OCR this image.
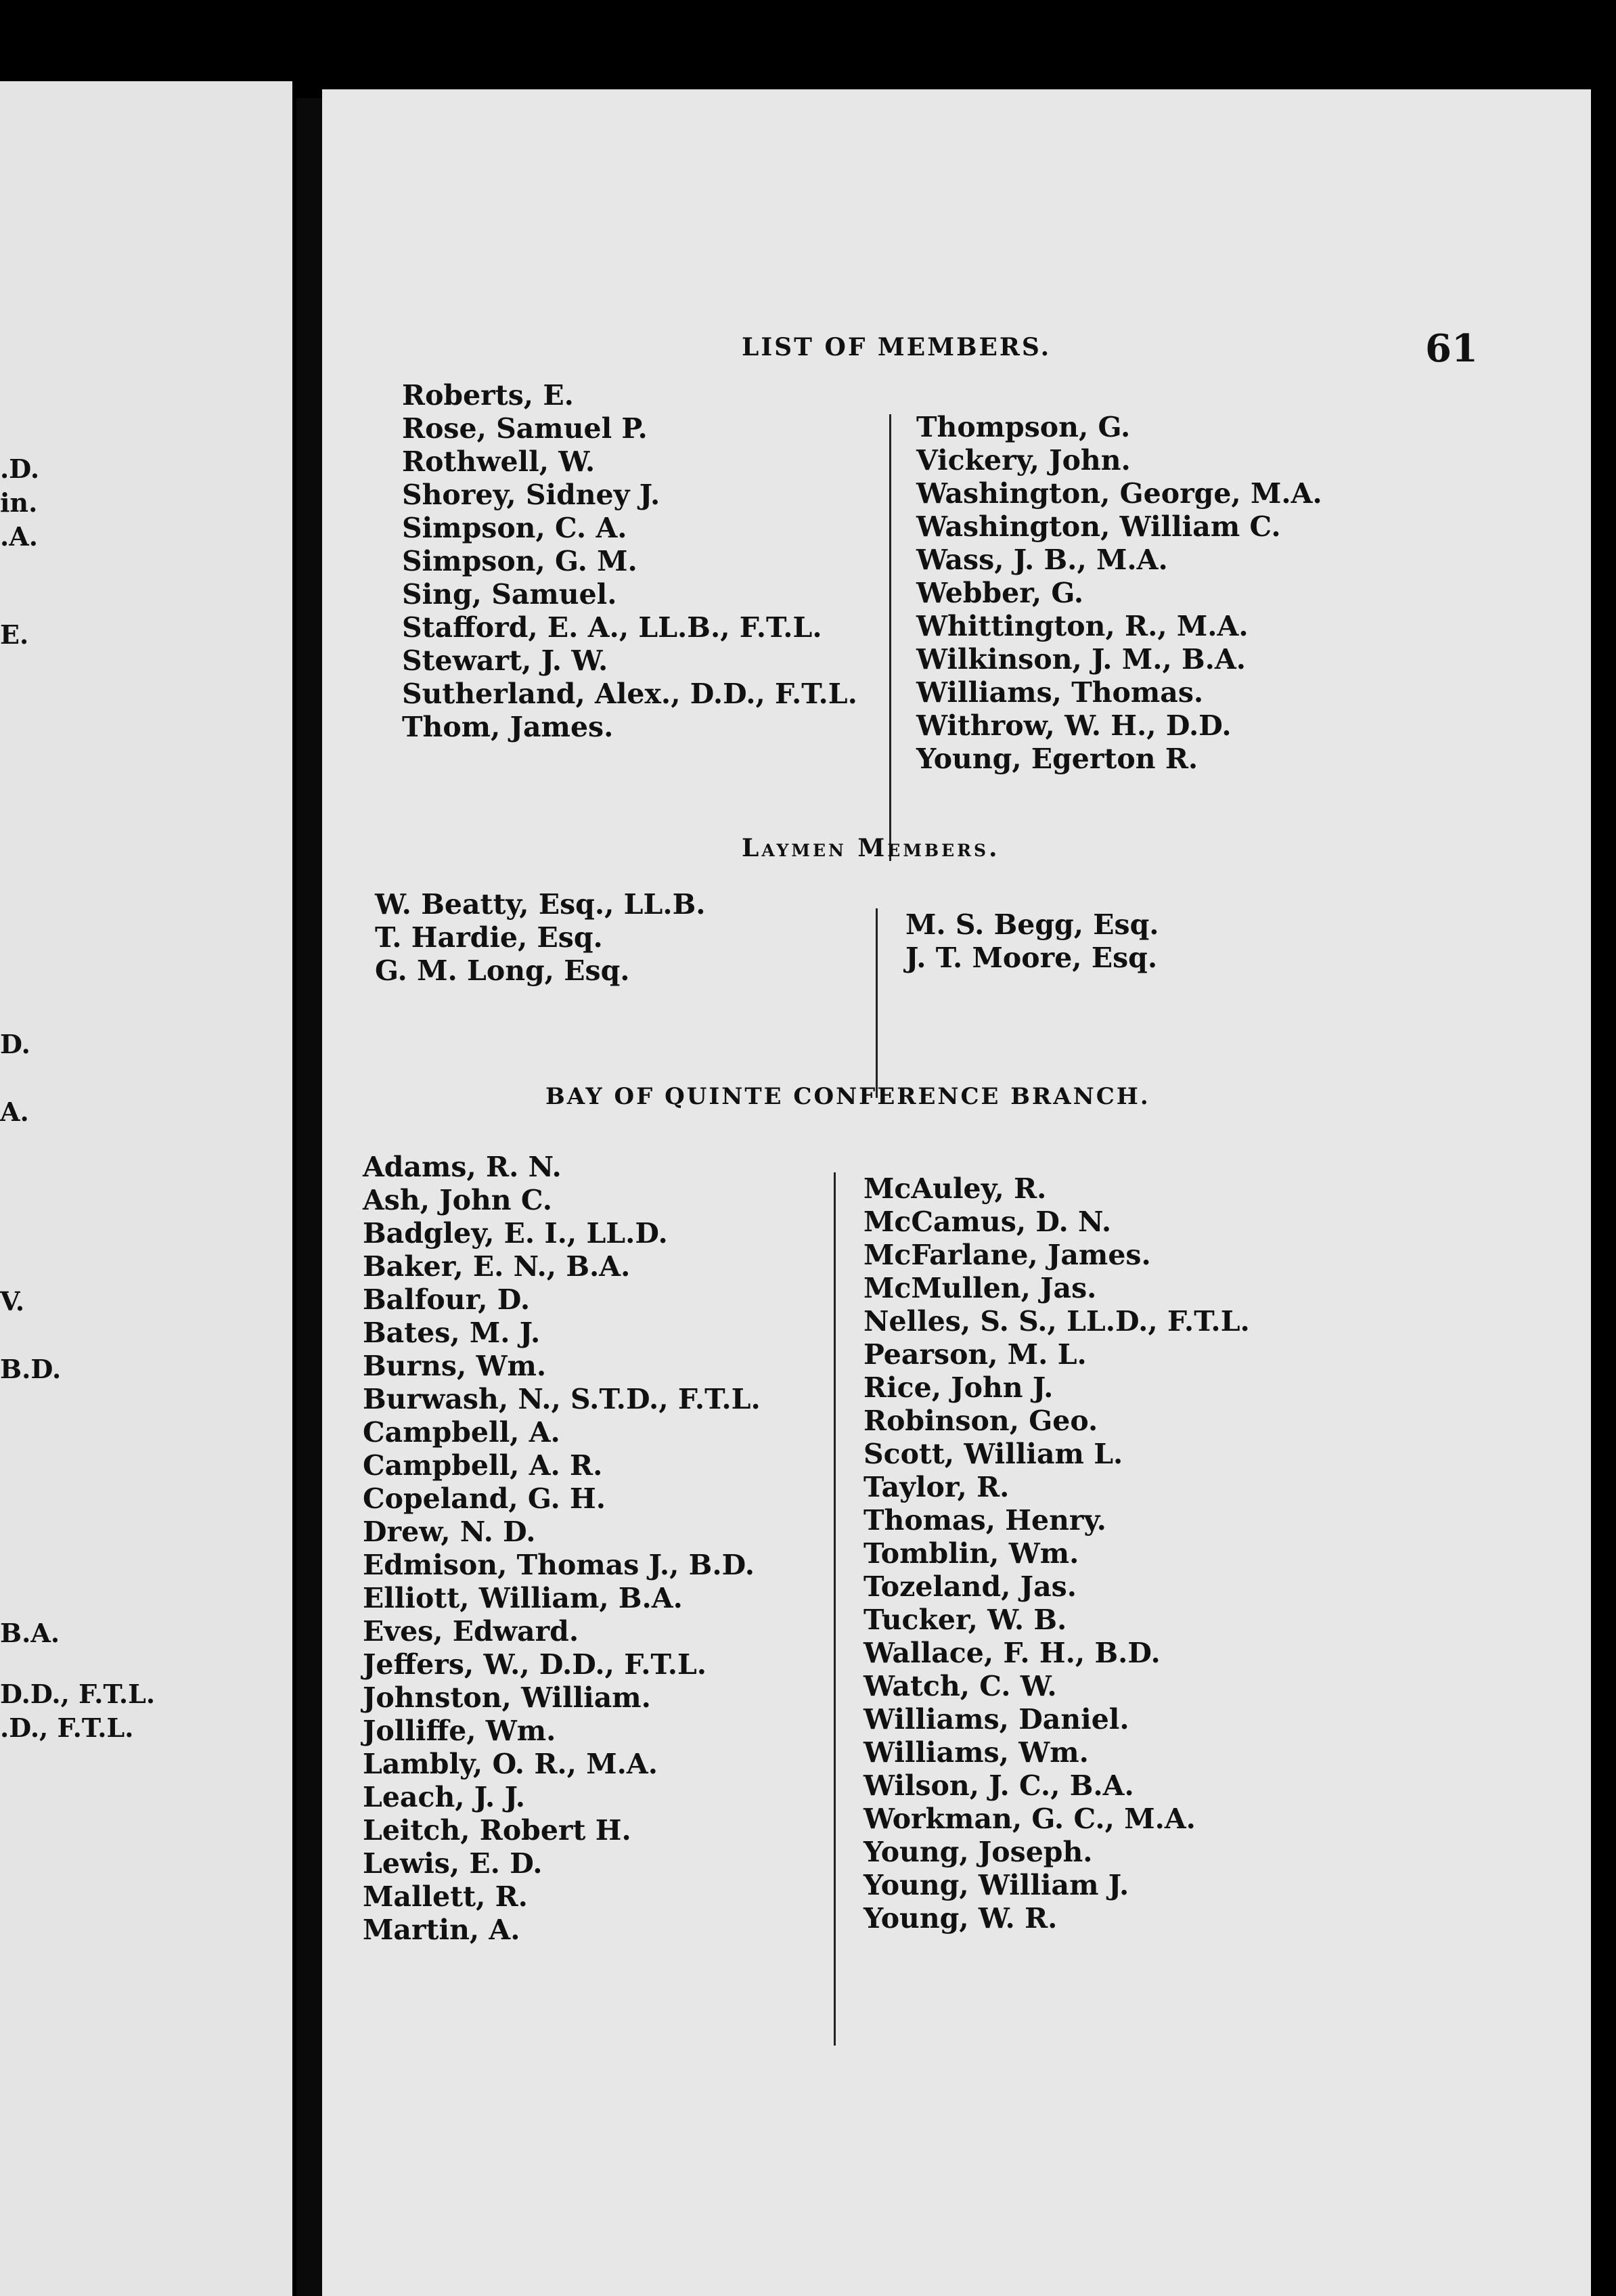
.D.
in.
.A.
E.
D.
A.
V.
B.D.
B.A.
D.D., F.T.L.
.D., F.T.L.
LIST OF MEMBERS.	61
Roberts, E.
Rose, Samuel P.
Rothwell, W.
Shorey, Sidney J.
Simpson, C. A.
Simpson, G. M.
Sing, Samuel.
Stafford, E. A., LL.B., F.T.L.
Stewart, J. W.
Sutherland, Alex., D.D., F.T.L.
Thom, James.
Thompson, G.
Vickery, John.
Washington, George, M.A.
Washington, William C.
Wass, J. B., M.A.
Webber, G.
Whittington, R., M.A.
Wilkinson, J. M., B.A.
Williams, Thomas.
Withrow, W. H., D.D.
Young, Egerton R.
Laymen Members.
W. Beatty, Esq., LL.B.
T. Hardie, Esq.
G. M. Long, Esq.
M. S. Begg, Esq.
J. T. Moore, Esq.
BAY OF QUINTE CONFERENCE BRANCH.
Adams, R. N.
Ash, John C.
Badgley, E. I., LL.D.
Baker, E. N., B.A.
Balfour, D.
Bates, M. J.
Burns, Wm.
Burwash, N., S.T.D., F.T.L.
Campbell, A.
Campbell, A. R.
Copeland, G. H.
Drew, N. D.
Edmison, Thomas J., B.D.
Elliott, William, B.A.
Eves, Edward.
Jeffers, W., D.D., F.T.L.
Johnston, William.
Jolliffe, Wm.
Lambly, O. R., M.A.
Leach, J. J.
Leitch, Robert H.
Lewis, E. D.
Mallett, R.
Martin, A.
McAuley, R.
McCamus, D. N.
McFarlane, James.
McMullen, Jas.
Nelles, S. S., LL.D., F.T.L.
Pearson, M. L.
Rice, John J.
Robinson, Geo.
Scott, William L.
Taylor, R.
Thomas, Henry.
Tomblin, Wm.
Tozeland, Jas.
Tucker, W. B.
Wallace, F. H., B.D.
Watch, C. W.
Williams, Daniel.
Williams, Wm.
Wilson, J. C., B.A.
Workman, G. C., M.A.
Young, Joseph.
Young, William J.
Young, W. R.
